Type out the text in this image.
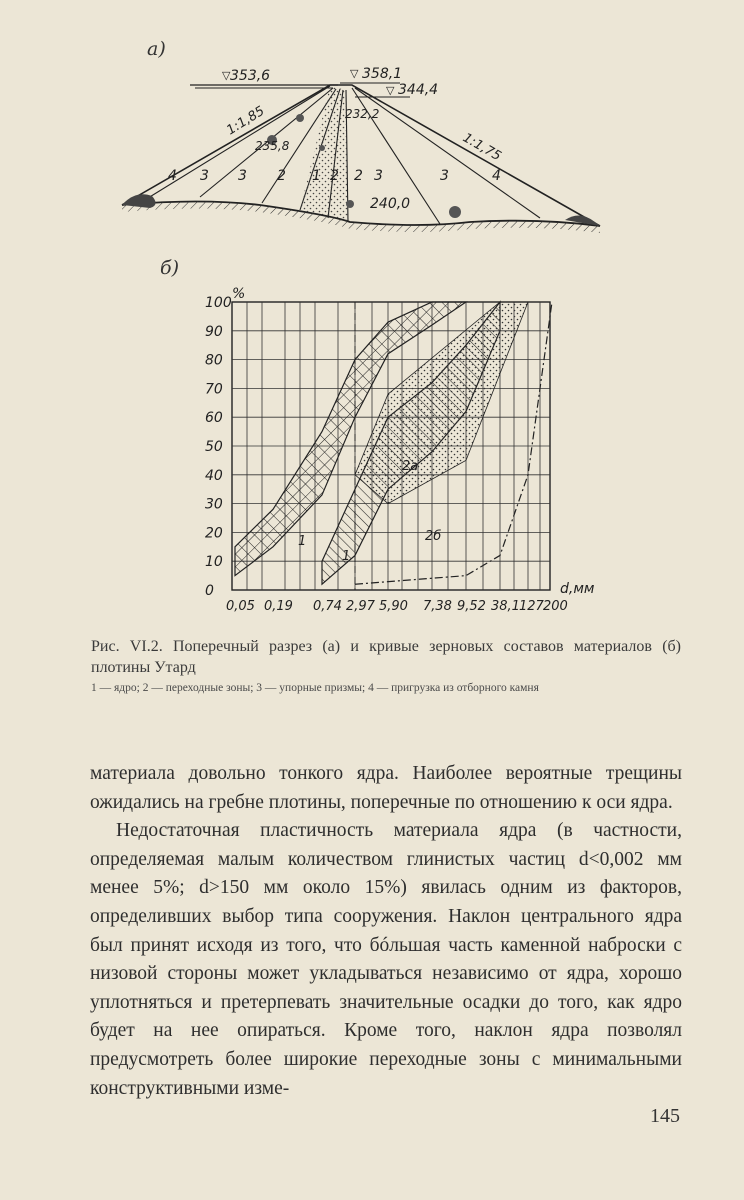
а)
353,6	358,1
344,4
240,0
▽	▽
▽
1:1,85
1:1,75
235,8
232,2
4 3 3 2 1 2 2 3	3	4
100
90
80
70
60
50
40
30
20
10
0
%
d,мм
0,05 0,19 0,74 2,97 5,90 7,38 9,52 38,1 127 200
1
1
2а
2б
б)
Рис. VI.2. Поперечный разрез (а) и кривые зерновых составов материалов (б) плотины Утард
1 — ядро; 2 — переходные зоны; 3 — упорные призмы; 4 — пригрузка из отборного камня

материала довольно тонкого ядра. Наиболее вероятные трещины ожидались на гребне плотины, поперечные по отношению к оси ядра.

Недостаточная пластичность материала ядра (в частности, определяемая малым количеством глинистых частиц d<0,002 мм менее 5%; d>150 мм около 15%) явилась одним из факторов, определивших выбор типа сооружения. Наклон центрального ядра был принят исходя из того, что бóльшая часть каменной наброски с низовой стороны может укладываться независимо от ядра, хорошо уплотняться и претерпевать значительные осадки до того, как ядро будет на нее опираться. Кроме того, наклон ядра позволял предусмотреть более широкие переходные зоны с минимальными конструктивными изме-

145
